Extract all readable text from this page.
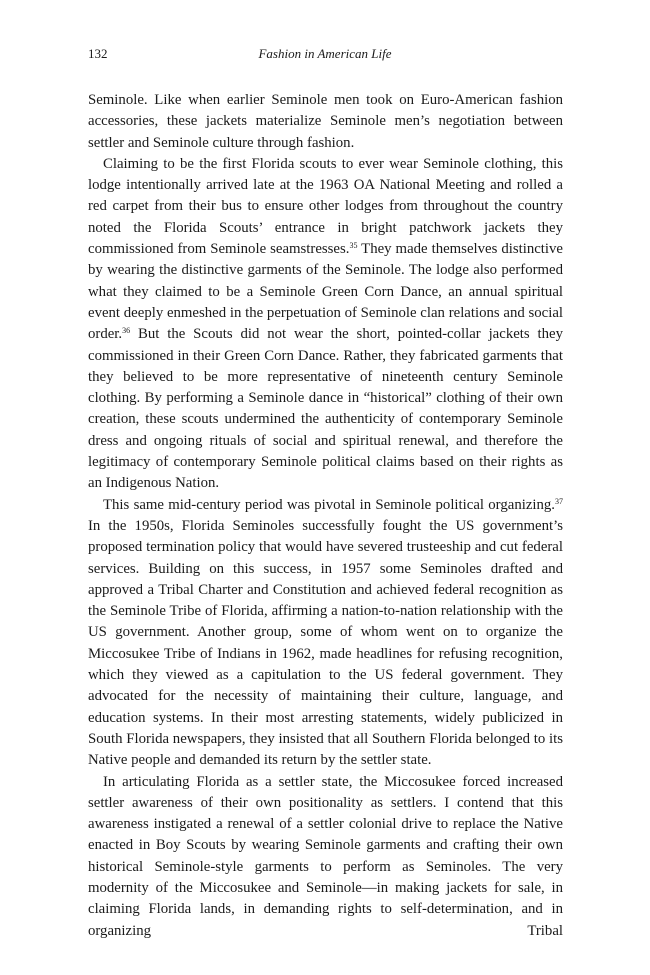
132	Fashion in American Life

Seminole. Like when earlier Seminole men took on Euro-American fashion accessories, these jackets materialize Seminole men’s negotiation between settler and Seminole culture through fashion.

Claiming to be the first Florida scouts to ever wear Seminole clothing, this lodge intentionally arrived late at the 1963 OA National Meeting and rolled a red carpet from their bus to ensure other lodges from throughout the country noted the Florida Scouts’ entrance in bright patchwork jackets they commissioned from Seminole seamstresses.$^{35}$ They made themselves distinctive by wearing the distinctive garments of the Seminole. The lodge also performed what they claimed to be a Seminole Green Corn Dance, an annual spiritual event deeply enmeshed in the perpetuation of Seminole clan relations and social order.$^{36}$ But the Scouts did not wear the short, pointed-collar jackets they commissioned in their Green Corn Dance. Rather, they fabricated garments that they believed to be more representative of nineteenth century Seminole clothing. By performing a Seminole dance in “historical” clothing of their own creation, these scouts undermined the authenticity of contemporary Seminole dress and ongoing rituals of social and spiritual renewal, and therefore the legitimacy of contemporary Seminole political claims based on their rights as an Indigenous Nation.

This same mid-century period was pivotal in Seminole political organizing.$^{37}$ In the 1950s, Florida Seminoles successfully fought the US government’s proposed termination policy that would have severed trusteeship and cut federal services. Building on this success, in 1957 some Seminoles drafted and approved a Tribal Charter and Constitution and achieved federal recognition as the Seminole Tribe of Florida, affirming a nation-to-nation relationship with the US government. Another group, some of whom went on to organize the Miccosukee Tribe of Indians in 1962, made headlines for refusing recognition, which they viewed as a capitulation to the US federal government. They advocated for the necessity of maintaining their culture, language, and education systems. In their most arresting statements, widely publicized in South Florida newspapers, they insisted that all Southern Florida belonged to its Native people and demanded its return by the settler state.

In articulating Florida as a settler state, the Miccosukee forced increased settler awareness of their own positionality as settlers. I contend that this awareness instigated a renewal of a settler colonial drive to replace the Native enacted in Boy Scouts by wearing Seminole garments and crafting their own historical Seminole-style garments to perform as Seminoles. The very modernity of the Miccosukee and Seminole—in making jackets for sale, in claiming Florida lands, in demanding rights to self-determination, and in organizing Tribal
